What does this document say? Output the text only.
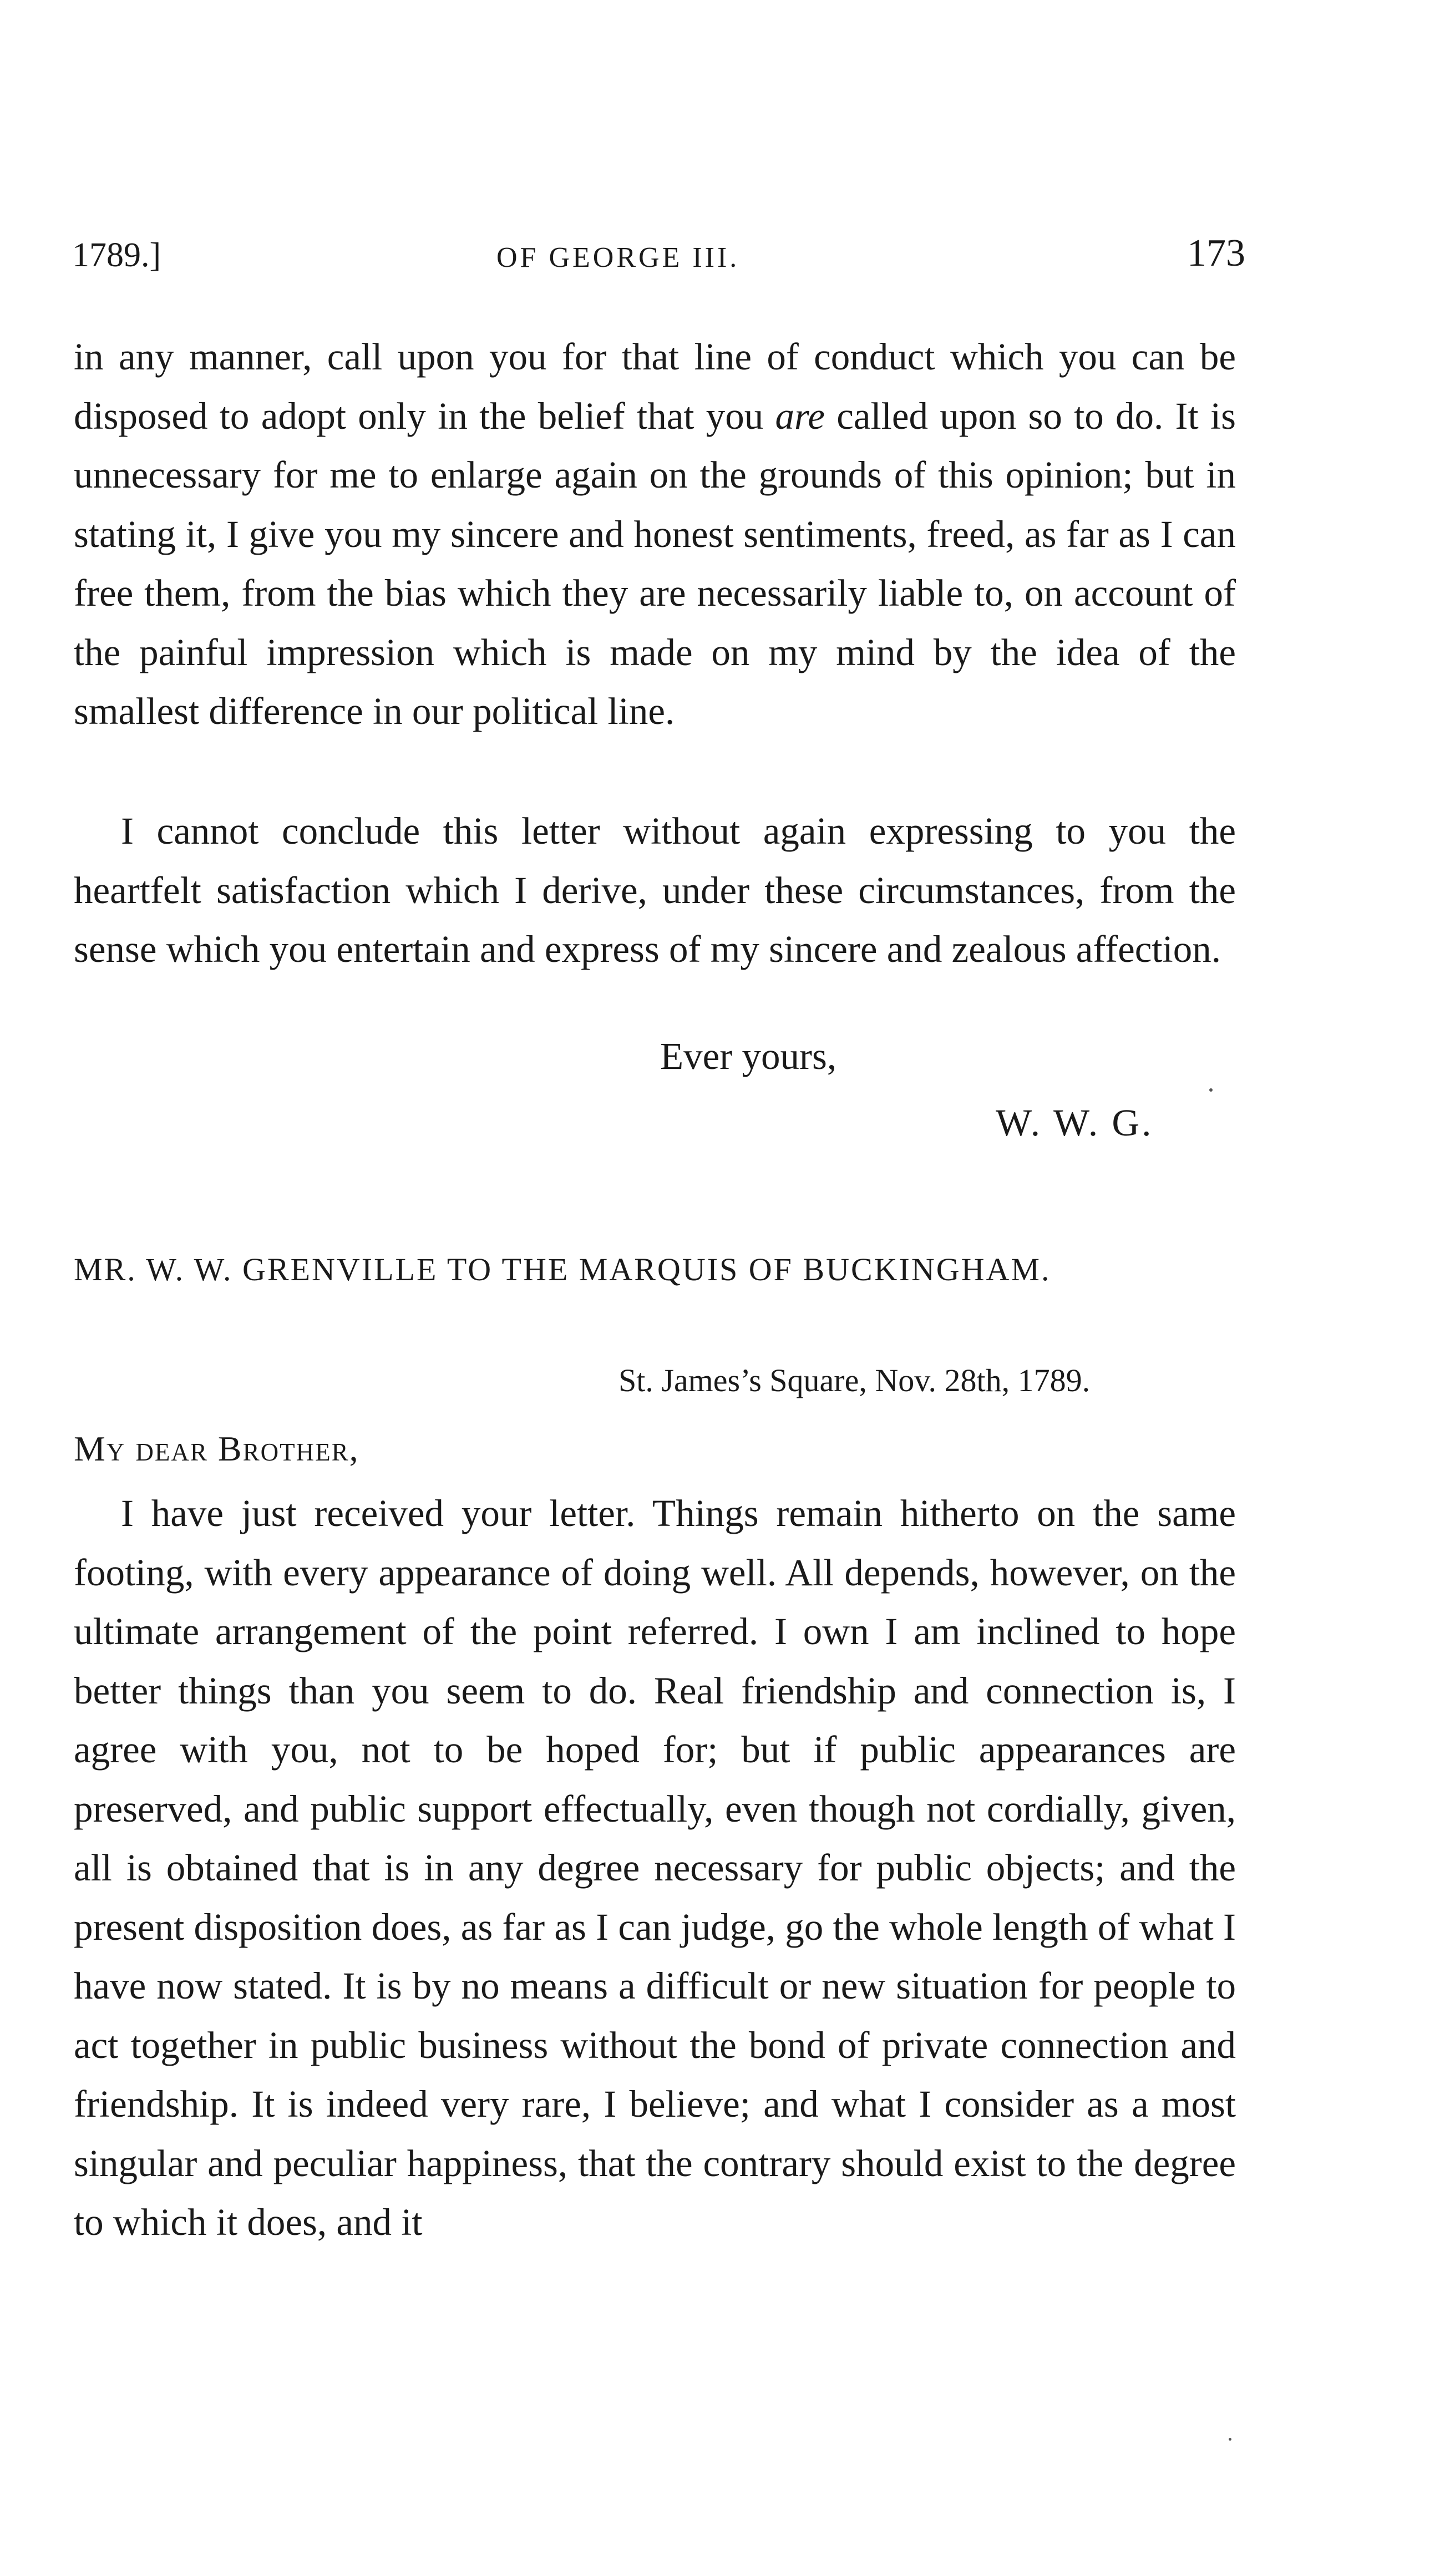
1789.]	OF GEORGE III.	173

in any manner, call upon you for that line of conduct which you can be disposed to adopt only in the belief that you are called upon so to do. It is unnecessary for me to enlarge again on the grounds of this opinion; but in stating it, I give you my sincere and honest sentiments, freed, as far as I can free them, from the bias which they are necessarily liable to, on account of the painful impression which is made on my mind by the idea of the smallest difference in our political line.

I cannot conclude this letter without again expressing to you the heartfelt satisfaction which I derive, under these circumstances, from the sense which you entertain and express of my sincere and zealous affection.

Ever yours,
W. W. G.
MR. W. W. GRENVILLE TO THE MARQUIS OF BUCKINGHAM.
St. James’s Square, Nov. 28th, 1789.
My dear Brother,

I have just received your letter. Things remain hitherto on the same footing, with every appearance of doing well. All depends, however, on the ultimate arrangement of the point referred. I own I am inclined to hope better things than you seem to do. Real friendship and connection is, I agree with you, not to be hoped for; but if public appearances are preserved, and public support effectually, even though not cordially, given, all is obtained that is in any degree necessary for public objects; and the present disposition does, as far as I can judge, go the whole length of what I have now stated. It is by no means a difficult or new situation for people to act together in public business without the bond of private connection and friendship. It is indeed very rare, I believe; and what I consider as a most singular and peculiar happiness, that the contrary should exist to the degree to which it does, and it
